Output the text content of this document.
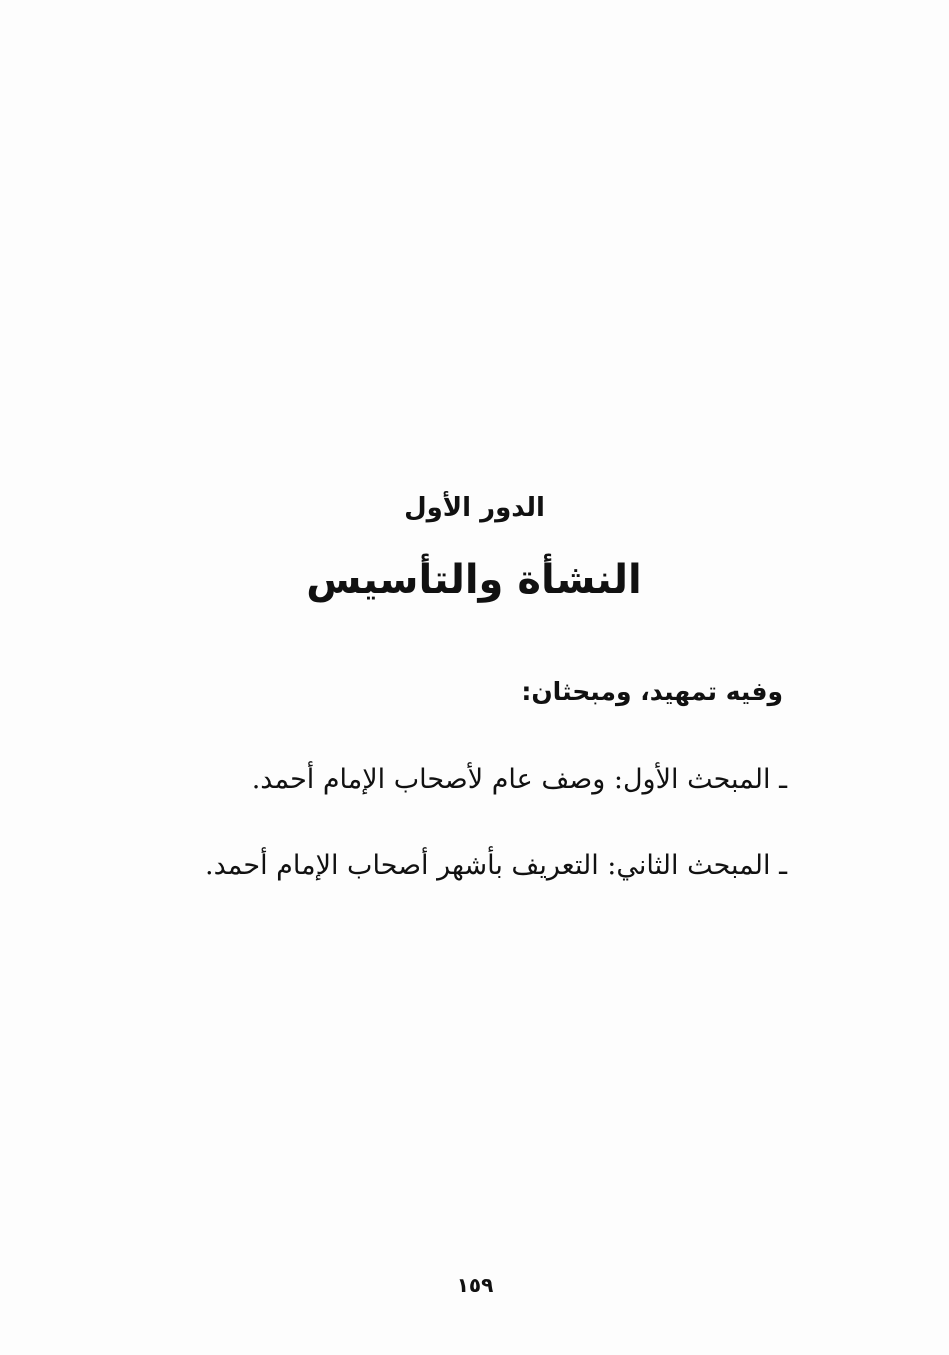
الدور الأول
النشأة والتأسيس
وفيه تمهيد، ومبحثان:
ـ المبحث الأول: وصف عام لأصحاب الإمام أحمد.
ـ المبحث الثاني: التعريف بأشهر أصحاب الإمام أحمد.
١٥٩
